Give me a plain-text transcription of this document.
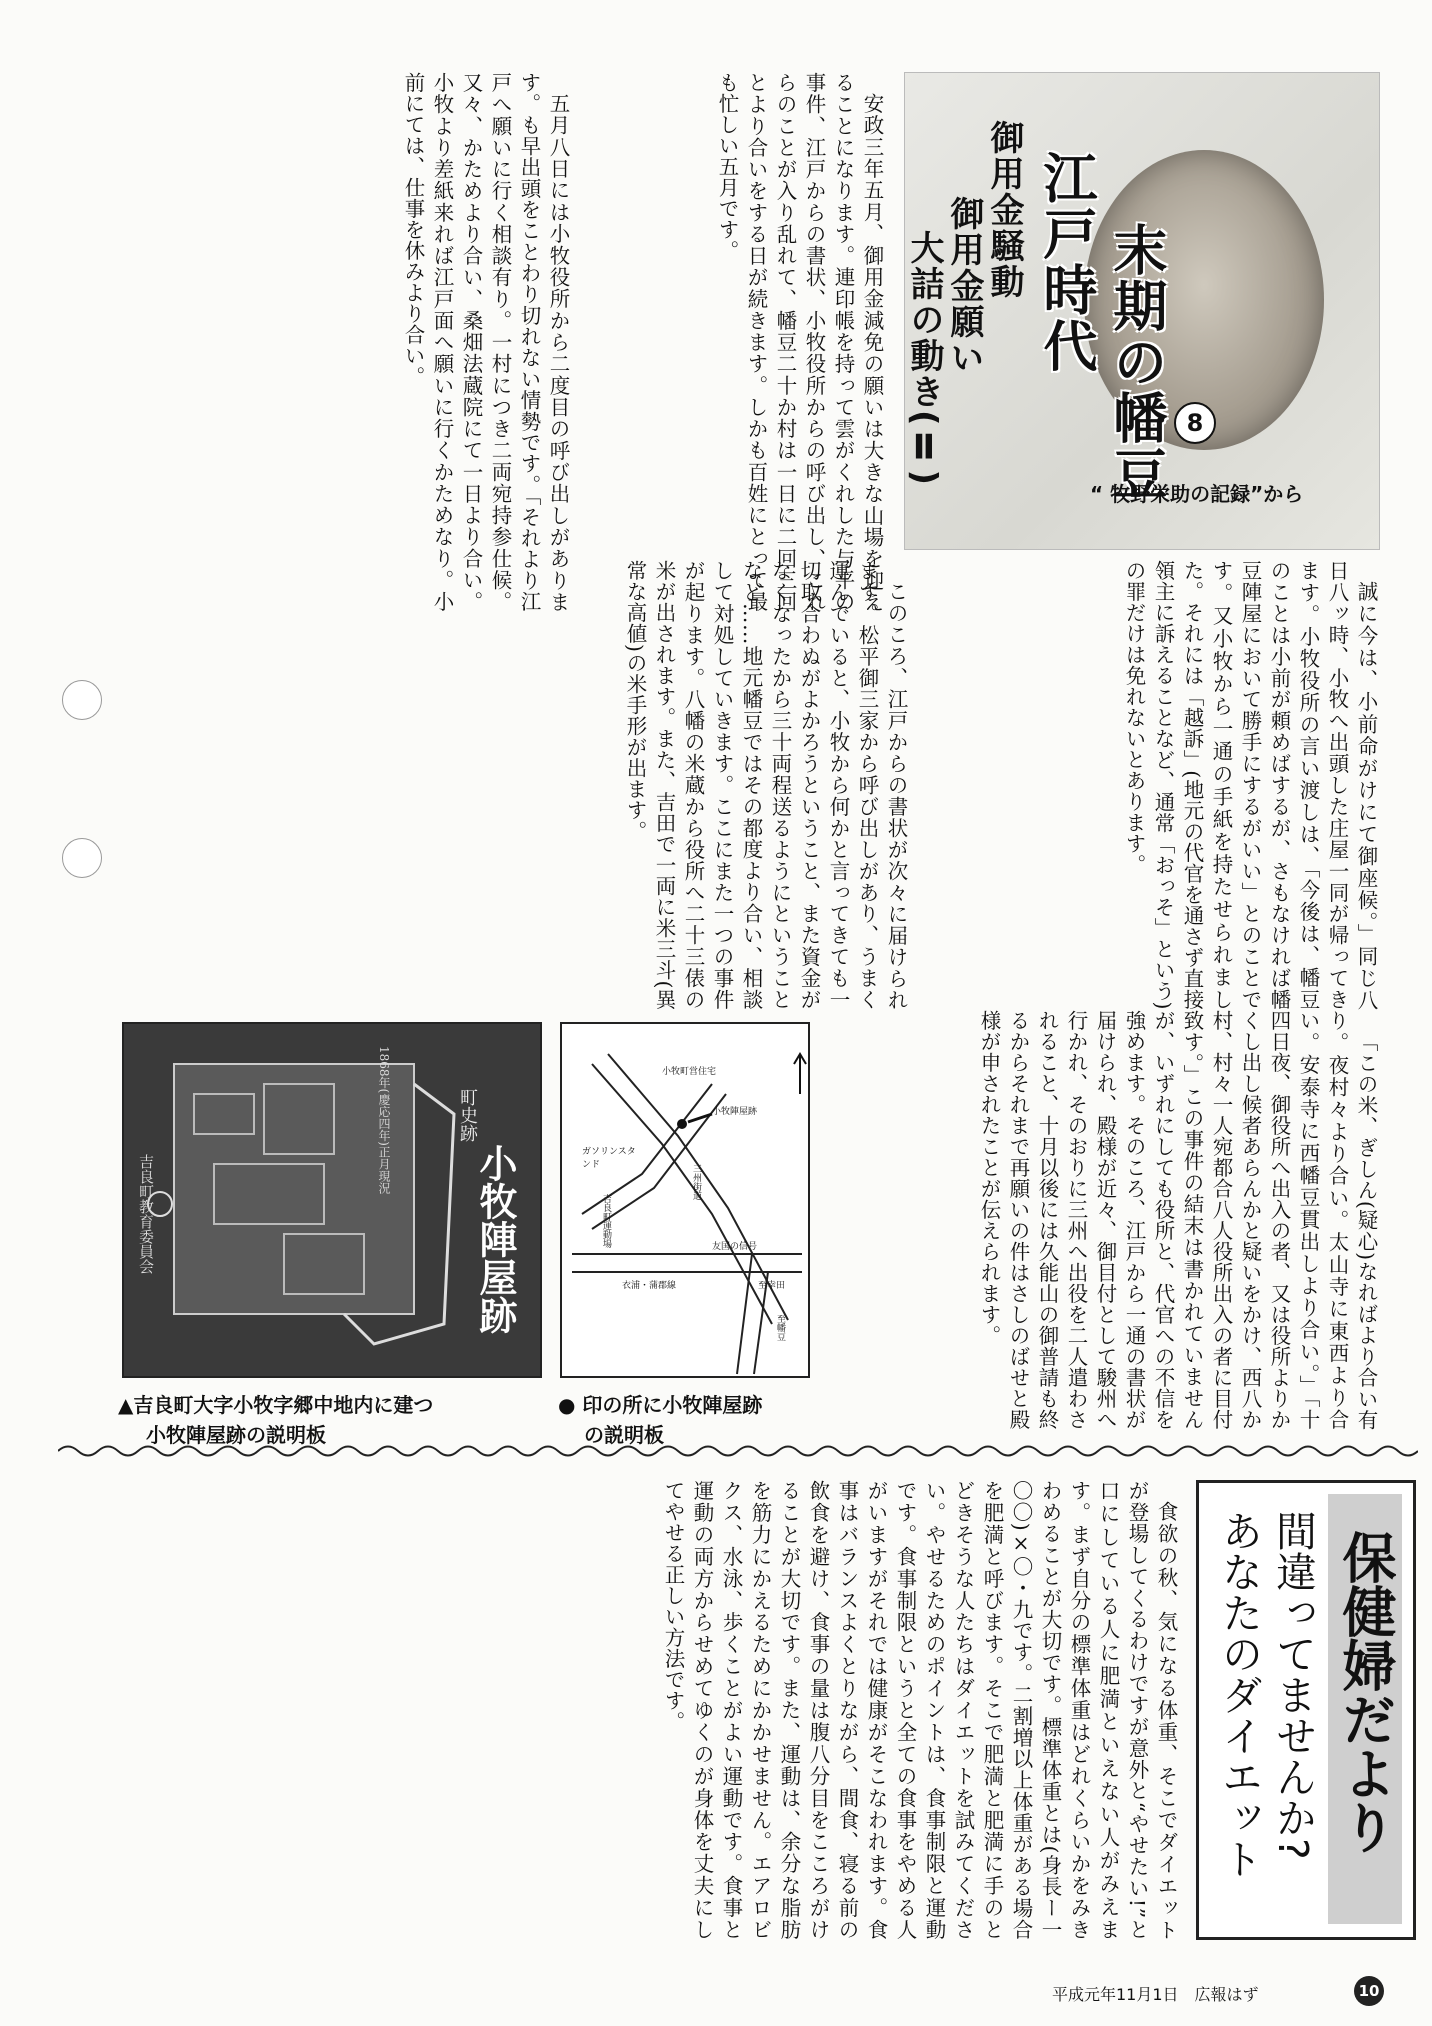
江戸時代 末期の幡豆 8
“ 牧野栄助の記録”から
御用金騒動
御用金願い
大詰の動き(Ⅱ)
安政三年五月、御用金減免の願いは大きな山場を迎えることになります。連印帳を持って雲がくれした与平の事件、江戸からの書状、小牧役所からの呼び出し、これらのことが入り乱れて、幡豆二十か村は一日に二回三回とより合いをする日が続きます。しかも百姓にとって最も忙しい五月です。
五月八日には小牧役所から二度目の呼び出しがあります。も早出頭をことわり切れない情勢です。「それより江戸へ願いに行く相談有り。一村につき二両宛持参仕候。又々、かためより合い、桑畑法蔵院にて一日より合い。小牧より差紙来れば江戸面へ願いに行くかためなり。小前にては、仕事を休みより合い。
誠に今は、小前命がけにて御座候。」同じ八日八ッ時、小牧へ出頭した庄屋一同が帰ってきます。小牧役所の言い渡しは、「今後は、幡豆のことは小前が頼めばするが、さもなければ幡豆陣屋において勝手にするがいい」とのことです。又小牧から一通の手紙を持たせられました。それには「越訴」(地元の代官を通さず直接領主に訴えることなど、通常「おっそ」という)の罪だけは免れないとあります。
このころ、江戸からの書状が次々に届けられます。松平御三家から呼び出しがあり、うまく運んでいると、小牧から何かと言ってきても一切取合わぬがよかろうということ、また資金がなくなったから三十両程送るようにということなど……地元幡豆ではその都度より合い、相談して対処していきます。ここにまた一つの事件が起ります。八幡の米蔵から役所へ二十三俵の米が出されます。また、吉田で一両に米三斗(異常な高値)の米手形が出ます。
「この米、ぎしん(疑心)なればより合い有り。夜村々より合い。太山寺に東西より合い。安泰寺に西幡豆貫出しより合い。」「十四日夜、御役所へ出入の者、又は役所よりかくし出し候者あらんかと疑いをかけ、西八か村、村々一人宛都合八人役所出入の者に目付致す。」この事件の結末は書かれていませんが、いずれにしても役所と、代官への不信を強めます。そのころ、江戸から一通の書状が届けられ、殿様が近々、御目付として駿州へ行かれ、そのおりに三州へ出役を二人遣わされること、十月以後には久能山の御普請も終るからそれまで再願いの件はさしのばせと殿様が申されたことが伝えられます。
1868年(慶応四年)正月現況	町史跡
小牧陣屋跡
吉良町教育委員会
▲吉良町大字小牧字郷中地内に建つ
小牧陣屋跡の説明板
ガソリンスタンド
小牧町営住宅
小牧陣屋跡
吉良町運動場	友国の信号
至幸田
衣浦・蒲郡線
至幡豆
三州街道
● 印の所に小牧陣屋跡
の説明板
保健婦だより
間違ってませんか?
あなたのダイエット
食欲の秋、気になる体重、そこでダイエットが登場してくるわけですが意外と“やせたい!”と口にしている人に肥満といえない人がみえます。まず自分の標準体重はどれくらいかをみきわめることが大切です。標準体重とは(身長ー一〇〇)×〇・九です。二割増以上体重がある場合を肥満と呼びます。そこで肥満と肥満に手のとどきそうな人たちはダイエットを試みてください。やせるためのポイントは、食事制限と運動です。食事制限というと全ての食事をやめる人がいますがそれでは健康がそこなわれます。食事はバランスよくとりながら、間食、寝る前の飲食を避け、食事の量は腹八分目をこころがけることが大切です。また、運動は、余分な脂肪を筋力にかえるためにかかせません。エアロビクス、水泳、歩くことがよい運動です。食事と運動の両方からせめてゆくのが身体を丈夫にしてやせる正しい方法です。
平成元年11月1日　広報はず	10
